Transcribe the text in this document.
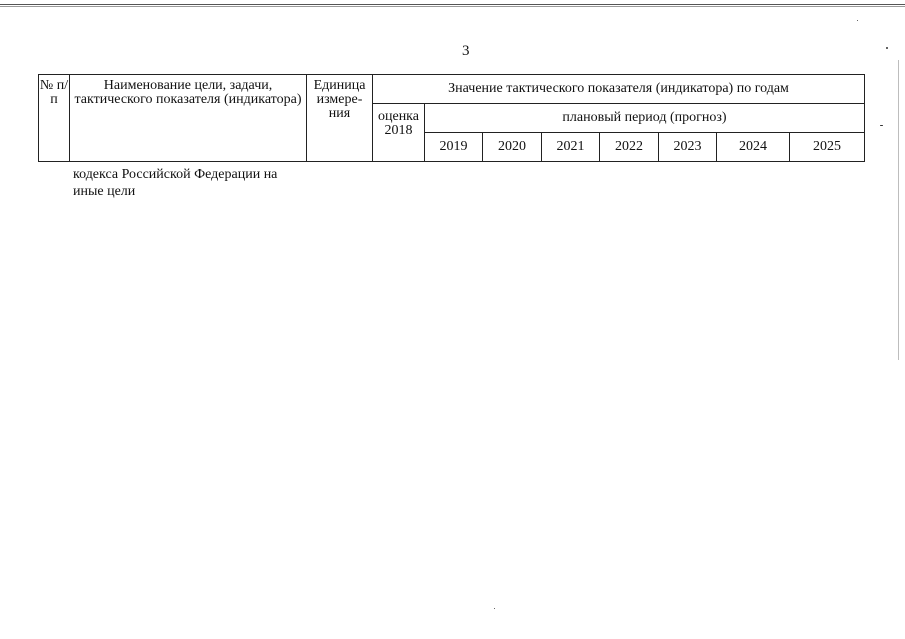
3
№ п/п	Наименование цели, задачи, тактического показателя (индикатора)	Единица измере-ния	Значение тактического показателя (индикатора) по годам							
			оценка 2018	плановый период (прогноз)						
				2019	2020	2021	2022	2023	2024	2025
кодекса Российской Федерации на
иные цели
